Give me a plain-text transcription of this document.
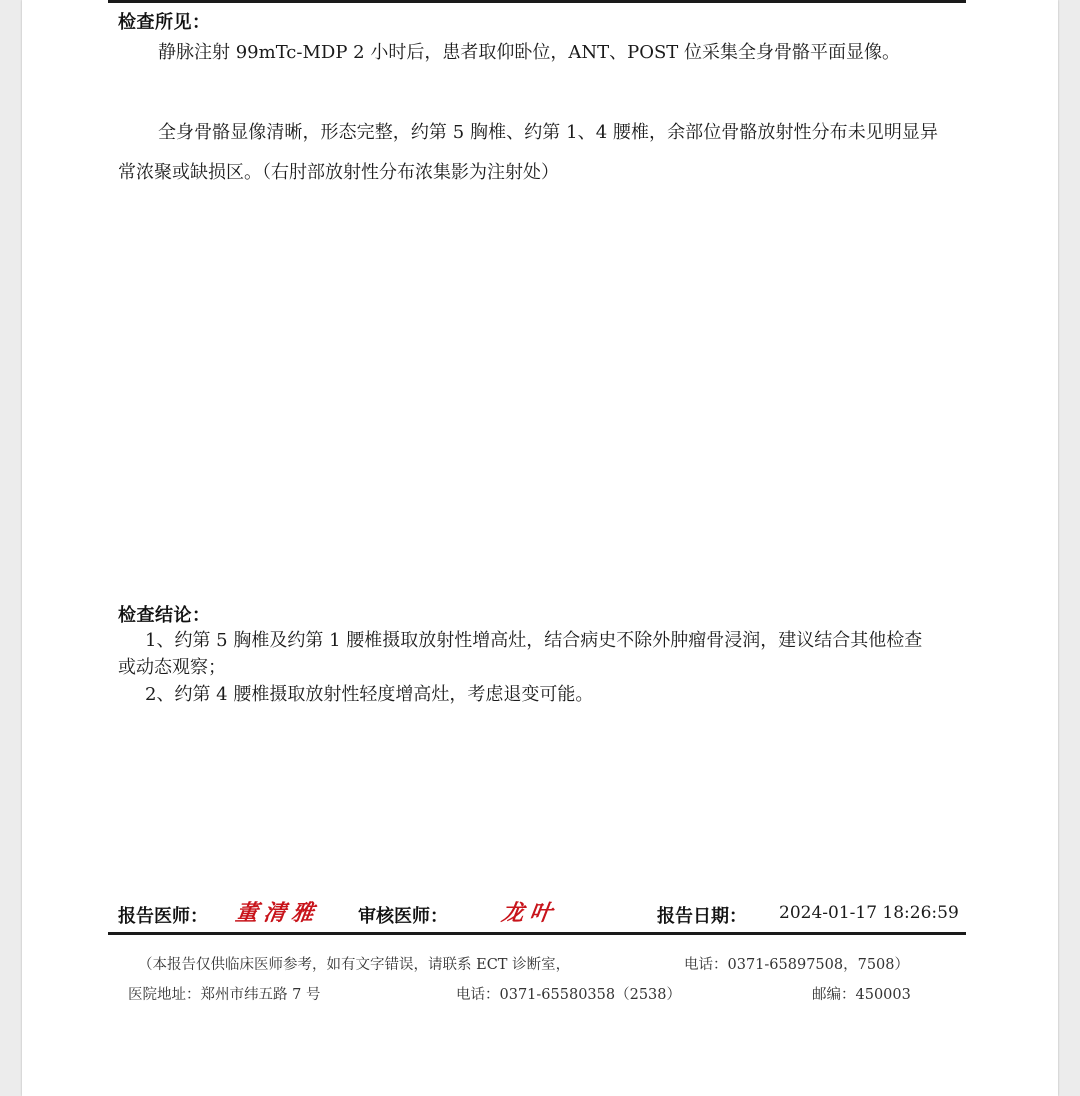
检查所见：
静脉注射 99mTc-MDP 2 小时后，患者取仰卧位，ANT、POST 位采集全身骨骼平面显像。
全身骨骼显像清晰，形态完整，约第 5 胸椎、约第 1、4 腰椎，余部位骨骼放射性分布未见明显异常浓聚或缺损区。（右肘部放射性分布浓集影为注射处）
检查结论：
1、约第 5 胸椎及约第 1 腰椎摄取放射性增高灶，结合病史不除外肿瘤骨浸润，建议结合其他检查或动态观察；
2、约第 4 腰椎摄取放射性轻度增高灶，考虑退变可能。
报告医师： 董清雅 审核医师： 龙叶	报告日期： 2024-01-17 18:26:59
（本报告仅供临床医师参考，如有文字错误，请联系 ECT 诊断室，	电话：0371-65897508，7508）
医院地址：郑州市纬五路 7 号	电话：0371-65580358（2538）	邮编：450003
